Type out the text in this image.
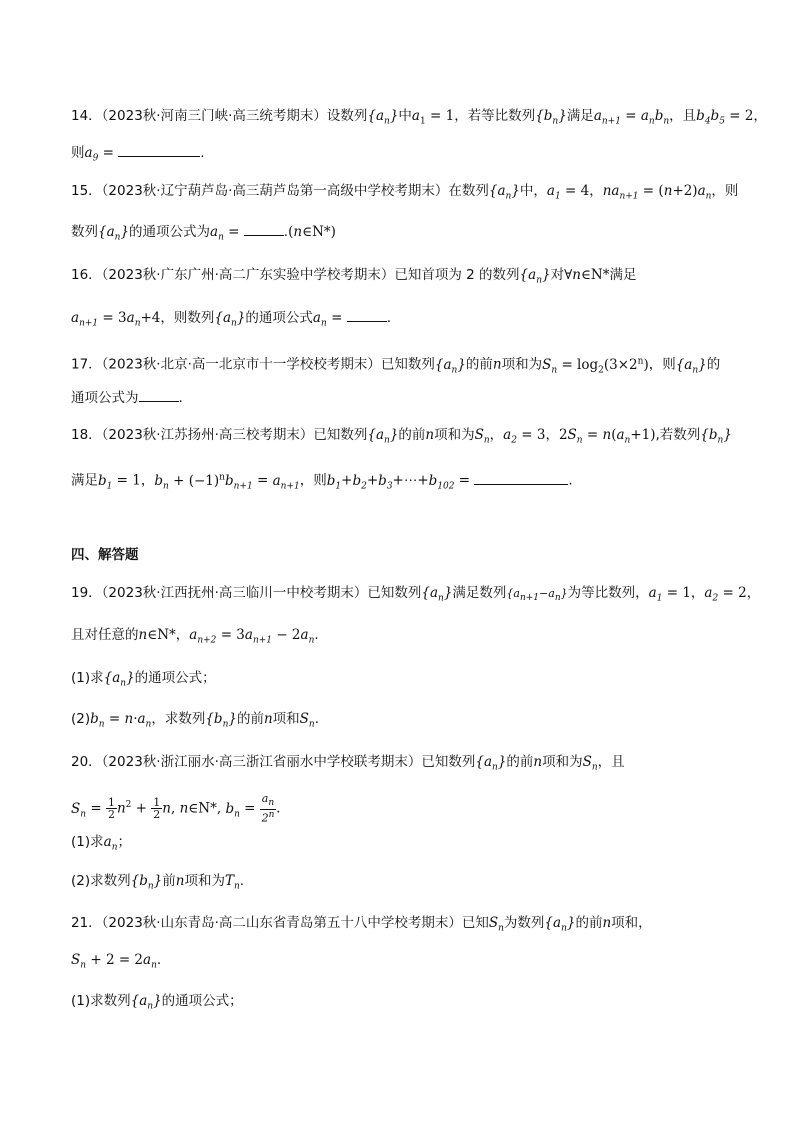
14．（2023秋·河南三门峡·高三统考期末）设数列$\{a_n\}$中$a_1 = 1$，若等比数列$\{b_n\}$满足$a_{n+1} = a_nb_n$，且$b_4b_5 = 2$，
则$a_9$ =	.
15．（2023秋·辽宁葫芦岛·高三葫芦岛第一高级中学校考期末）在数列$\{a_n\}$中，$a_1 = 4$，$na_{n+1} = (n+2)a_n$，则
数列$\{a_n\}$的通项公式为$a_n$ =	.(n∈N*)
16．（2023秋·广东广州·高二广东实验中学校考期末）已知首项为 2 的数列$\{a_n\}$对∀n∈N*满足
$a_{n+1} = 3a_n+4$，则数列$\{a_n\}$的通项公式$a_n$ =	.
17．（2023秋·北京·高一北京市十一学校校考期末）已知数列$\{a_n\}$的前n项和为$S_n = \log_2(3\times 2^n)$，则$\{a_n\}$的
通项公式为	.
18．（2023秋·江苏扬州·高三校考期末）已知数列$\{a_n\}$的前n项和为$S_n$，$a_2 = 3$，$2S_n = n(a_n+1)$,若数列$\{b_n\}$
满足$b_1 = 1$，$b_n + (-1)^nb_{n+1} = a_{n+1}$，则$b_1+b_2+b_3+\cdots+b_{102}$ =	.
四、解答题
19．（2023秋·江西抚州·高三临川一中校考期末）已知数列$\{a_n\}$满足数列$\{a_{n+1}-a_n\}$为等比数列，$a_1 = 1$，$a_2 = 2$，
且对任意的n∈N*，$a_{n+2} = 3a_{n+1} - 2a_n$.
(1)求$\{a_n\}$的通项公式；
$(2)b_n = n\cdot a_n$，求数列$\{b_n\}$的前n项和$S_n$.
20．（2023秋·浙江丽水·高三浙江省丽水中学校联考期末）已知数列$\{a_n\}$的前n项和为$S_n$，且
$S_n = \frac{1}{2} n^2 + \frac{1}{2} n$, n∈N*, $b_n = \frac{a_n}{2^n}$ .
(1)求$a_n$；
(2)求数列$\{b_n\}$前n项和为$T_n$.
21．（2023秋·山东青岛·高二山东省青岛第五十八中学校考期末）已知$S_n$为数列$\{a_n\}$的前n项和，
$S_n + 2 = 2a_n$.
(1)求数列$\{a_n\}$的通项公式；
